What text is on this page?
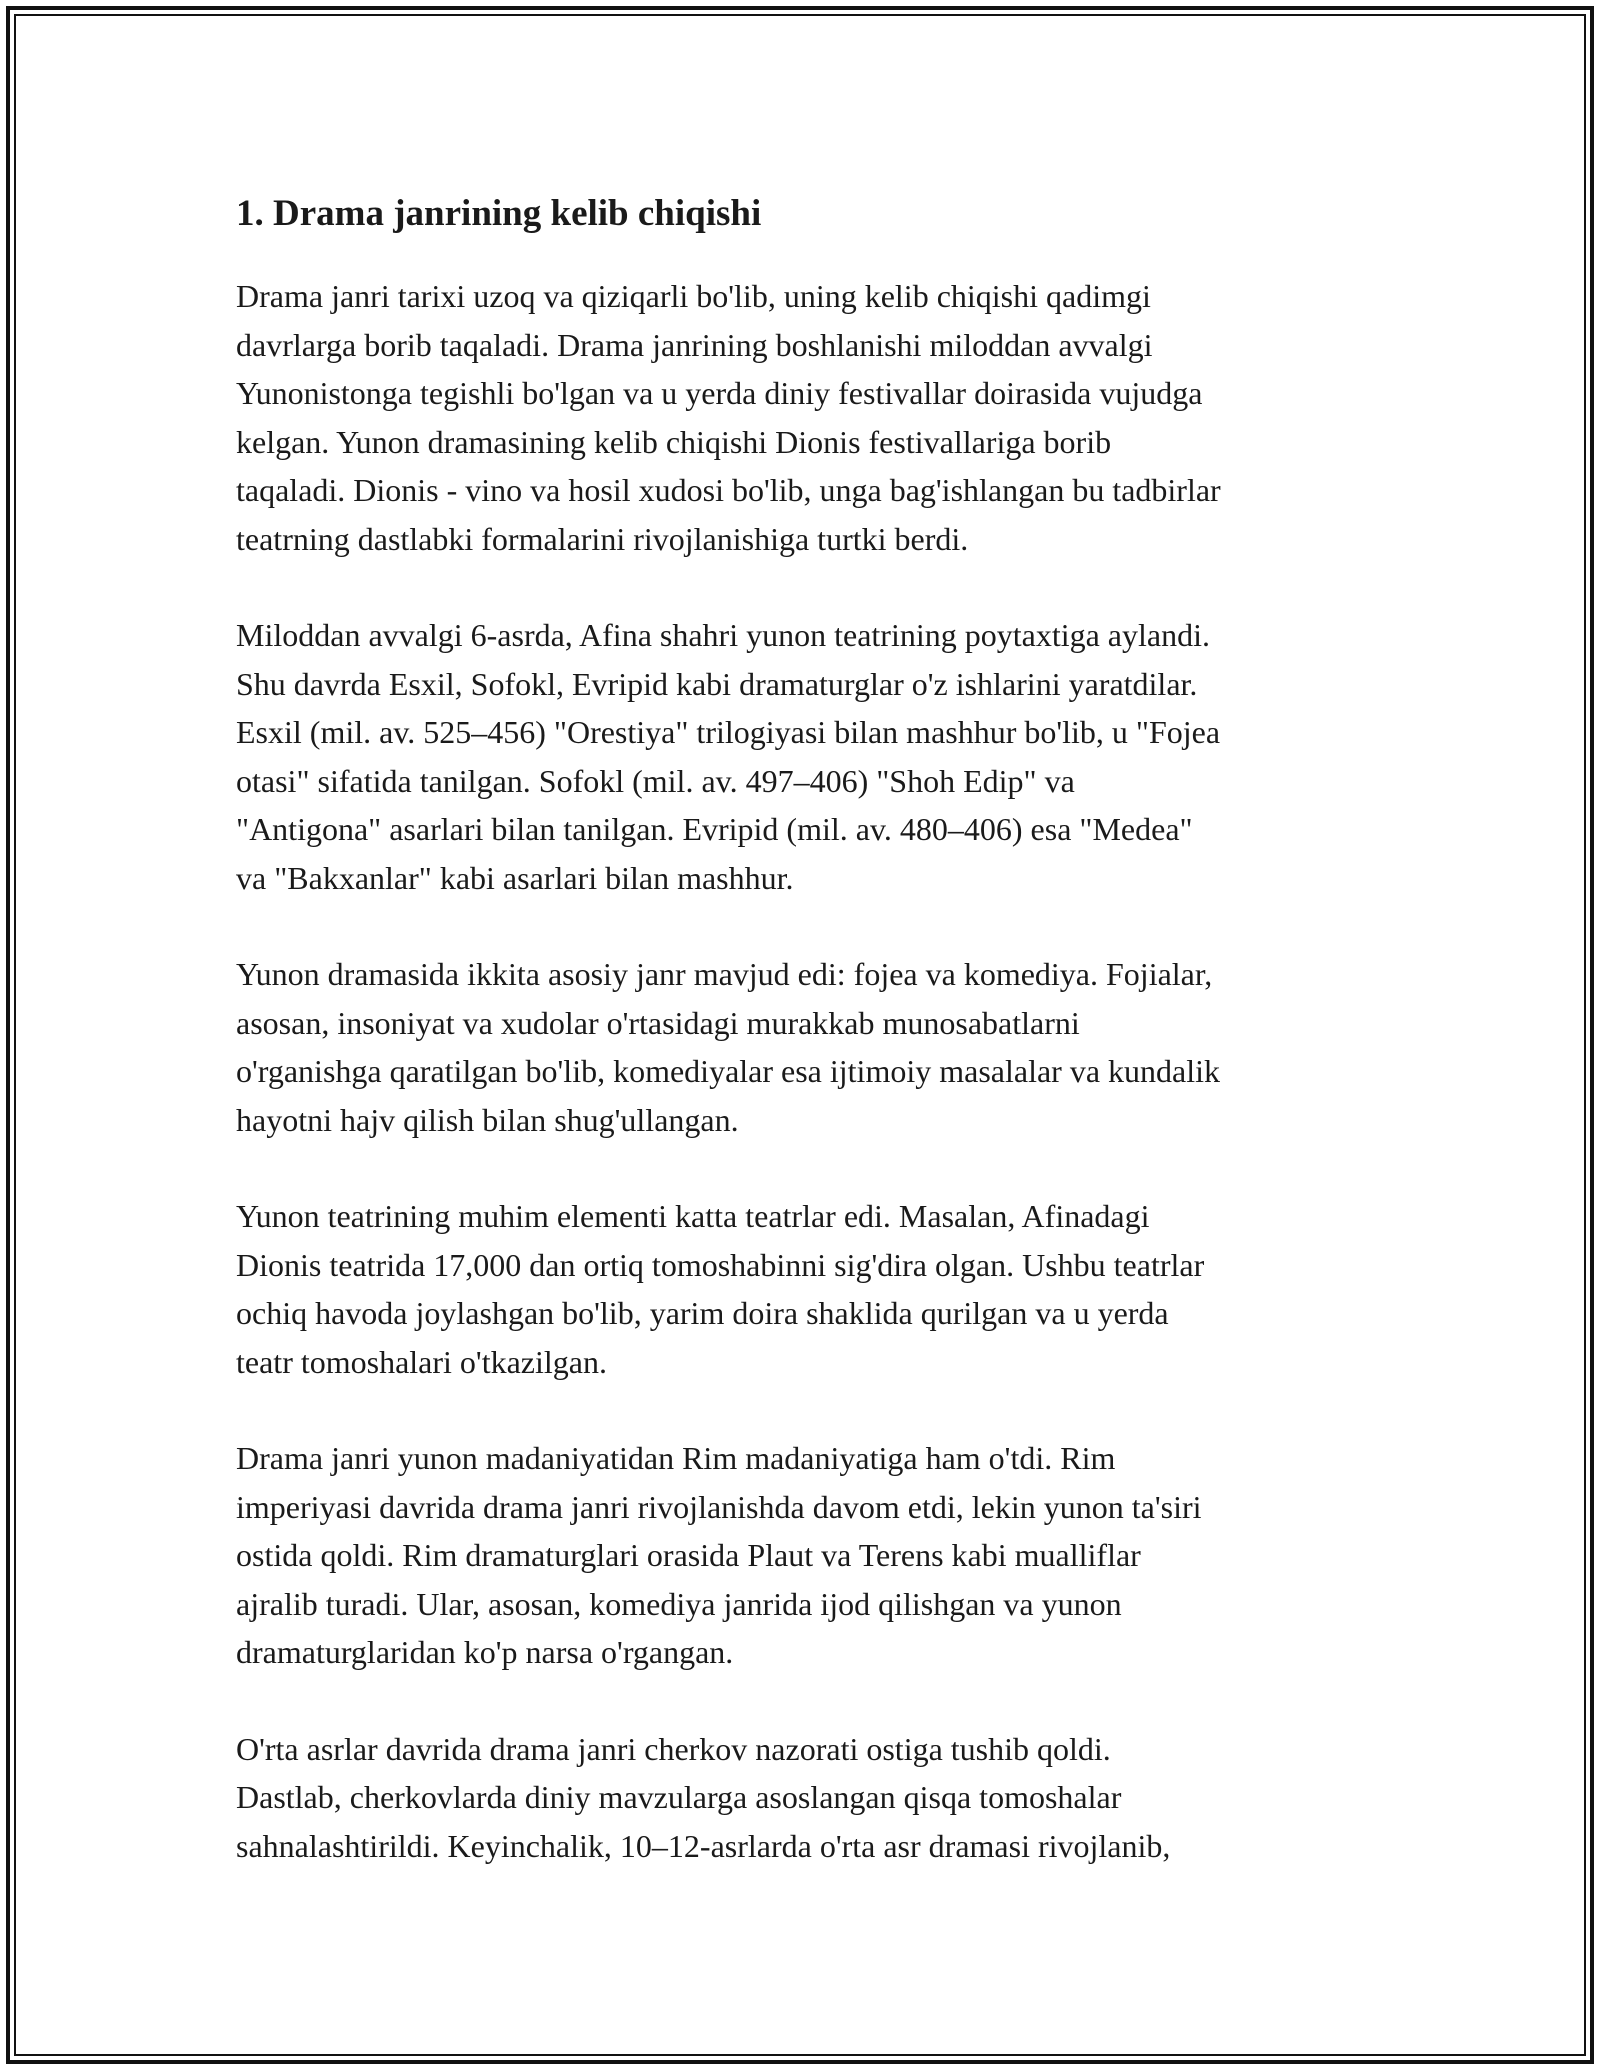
1. Drama janrining kelib chiqishi

Drama janri tarixi uzoq va qiziqarli bo'lib, uning kelib chiqishi qadimgi
davrlarga borib taqaladi. Drama janrining boshlanishi miloddan avvalgi
Yunonistonga tegishli bo'lgan va u yerda diniy festivallar doirasida vujudga
kelgan. Yunon dramasining kelib chiqishi Dionis festivallariga borib
taqaladi. Dionis - vino va hosil xudosi bo'lib, unga bag'ishlangan bu tadbirlar
teatrning dastlabki formalarini rivojlanishiga turtki berdi.

Miloddan avvalgi 6-asrda, Afina shahri yunon teatrining poytaxtiga aylandi.
Shu davrda Esxil, Sofokl, Evripid kabi dramaturglar o'z ishlarini yaratdilar.
Esxil (mil. av. 525–456) "Orestiya" trilogiyasi bilan mashhur bo'lib, u "Fojea
otasi" sifatida tanilgan. Sofokl (mil. av. 497–406) "Shoh Edip" va
"Antigona" asarlari bilan tanilgan. Evripid (mil. av. 480–406) esa "Medea"
va "Bakxanlar" kabi asarlari bilan mashhur.

Yunon dramasida ikkita asosiy janr mavjud edi: fojea va komediya. Fojialar,
asosan, insoniyat va xudolar o'rtasidagi murakkab munosabatlarni
o'rganishga qaratilgan bo'lib, komediyalar esa ijtimoiy masalalar va kundalik
hayotni hajv qilish bilan shug'ullangan.

Yunon teatrining muhim elementi katta teatrlar edi. Masalan, Afinadagi
Dionis teatrida 17,000 dan ortiq tomoshabinni sig'dira olgan. Ushbu teatrlar
ochiq havoda joylashgan bo'lib, yarim doira shaklida qurilgan va u yerda
teatr tomoshalari o'tkazilgan.

Drama janri yunon madaniyatidan Rim madaniyatiga ham o'tdi. Rim
imperiyasi davrida drama janri rivojlanishda davom etdi, lekin yunon ta'siri
ostida qoldi. Rim dramaturglari orasida Plaut va Terens kabi mualliflar
ajralib turadi. Ular, asosan, komediya janrida ijod qilishgan va yunon
dramaturglaridan ko'p narsa o'rgangan.

O'rta asrlar davrida drama janri cherkov nazorati ostiga tushib qoldi.
Dastlab, cherkovlarda diniy mavzularga asoslangan qisqa tomoshalar
sahnalashtirildi. Keyinchalik, 10–12-asrlarda o'rta asr dramasi rivojlanib,
